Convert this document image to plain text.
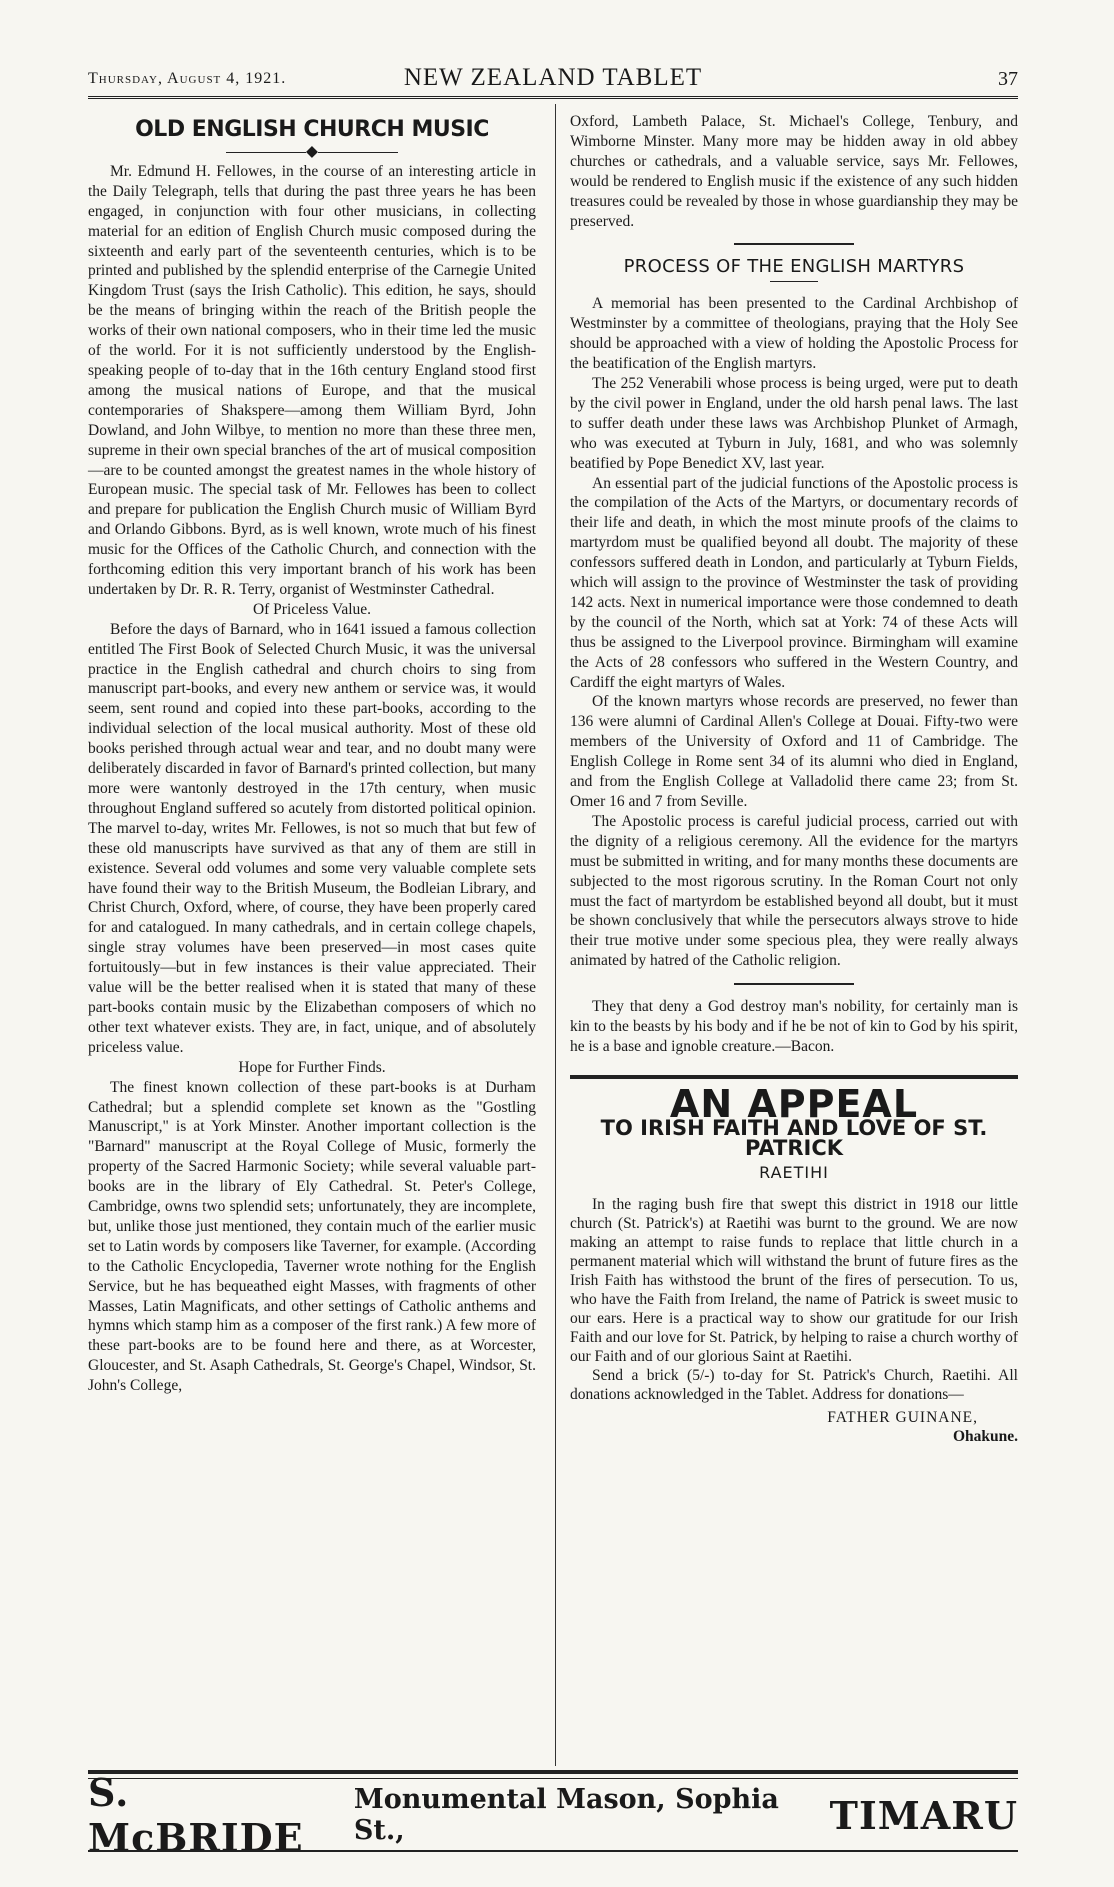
Thursday, August 4, 1921.	NEW ZEALAND TABLET	37
OLD ENGLISH CHURCH MUSIC
◆

Mr. Edmund H. Fellowes, in the course of an interesting article in the Daily Telegraph, tells that during the past three years he has been engaged, in conjunction with four other musicians, in collecting material for an edition of English Church music composed during the sixteenth and early part of the seventeenth centuries, which is to be printed and published by the splendid enterprise of the Carnegie United Kingdom Trust (says the Irish Catholic). This edition, he says, should be the means of bringing within the reach of the British people the works of their own national composers, who in their time led the music of the world. For it is not sufficiently understood by the English-speaking people of to-day that in the 16th century England stood first among the musical nations of Europe, and that the musical contemporaries of Shakspere—among them William Byrd, John Dowland, and John Wilbye, to mention no more than these three men, supreme in their own special branches of the art of musical composition—are to be counted amongst the greatest names in the whole history of European music. The special task of Mr. Fellowes has been to collect and prepare for publication the English Church music of William Byrd and Orlando Gibbons. Byrd, as is well known, wrote much of his finest music for the Offices of the Catholic Church, and connection with the forthcoming edition this very important branch of his work has been undertaken by Dr. R. R. Terry, organist of Westminster Cathedral.

Of Priceless Value.

Before the days of Barnard, who in 1641 issued a famous collection entitled The First Book of Selected Church Music, it was the universal practice in the English cathedral and church choirs to sing from manuscript part-books, and every new anthem or service was, it would seem, sent round and copied into these part-books, according to the individual selection of the local musical authority. Most of these old books perished through actual wear and tear, and no doubt many were deliberately discarded in favor of Barnard's printed collection, but many more were wantonly destroyed in the 17th century, when music throughout England suffered so acutely from distorted political opinion. The marvel to-day, writes Mr. Fellowes, is not so much that but few of these old manuscripts have survived as that any of them are still in existence. Several odd volumes and some very valuable complete sets have found their way to the British Museum, the Bodleian Library, and Christ Church, Oxford, where, of course, they have been properly cared for and catalogued. In many cathedrals, and in certain college chapels, single stray volumes have been preserved—in most cases quite fortuitously—but in few instances is their value appreciated. Their value will be the better realised when it is stated that many of these part-books contain music by the Elizabethan composers of which no other text whatever exists. They are, in fact, unique, and of absolutely priceless value.

Hope for Further Finds.

The finest known collection of these part-books is at Durham Cathedral; but a splendid complete set known as the "Gostling Manuscript," is at York Minster. Another important collection is the "Barnard" manuscript at the Royal College of Music, formerly the property of the Sacred Harmonic Society; while several valuable part-books are in the library of Ely Cathedral. St. Peter's College, Cambridge, owns two splendid sets; unfortunately, they are incomplete, but, unlike those just mentioned, they contain much of the earlier music set to Latin words by composers like Taverner, for example. (According to the Catholic Encyclopedia, Taverner wrote nothing for the English Service, but he has bequeathed eight Masses, with fragments of other Masses, Latin Magnificats, and other settings of Catholic anthems and hymns which stamp him as a composer of the first rank.) A few more of these part-books are to be found here and there, as at Worcester, Gloucester, and St. Asaph Cathedrals, St. George's Chapel, Windsor, St. John's College,

Oxford, Lambeth Palace, St. Michael's College, Tenbury, and Wimborne Minster. Many more may be hidden away in old abbey churches or cathedrals, and a valuable service, says Mr. Fellowes, would be rendered to English music if the existence of any such hidden treasures could be revealed by those in whose guardianship they may be preserved.

PROCESS OF THE ENGLISH MARTYRS

A memorial has been presented to the Cardinal Archbishop of Westminster by a committee of theologians, praying that the Holy See should be approached with a view of holding the Apostolic Process for the beatification of the English martyrs.

The 252 Venerabili whose process is being urged, were put to death by the civil power in England, under the old harsh penal laws. The last to suffer death under these laws was Archbishop Plunket of Armagh, who was executed at Tyburn in July, 1681, and who was solemnly beatified by Pope Benedict XV, last year.

An essential part of the judicial functions of the Apostolic process is the compilation of the Acts of the Martyrs, or documentary records of their life and death, in which the most minute proofs of the claims to martyrdom must be qualified beyond all doubt. The majority of these confessors suffered death in London, and particularly at Tyburn Fields, which will assign to the province of Westminster the task of providing 142 acts. Next in numerical importance were those condemned to death by the council of the North, which sat at York: 74 of these Acts will thus be assigned to the Liverpool province. Birmingham will examine the Acts of 28 confessors who suffered in the Western Country, and Cardiff the eight martyrs of Wales.

Of the known martyrs whose records are preserved, no fewer than 136 were alumni of Cardinal Allen's College at Douai. Fifty-two were members of the University of Oxford and 11 of Cambridge. The English College in Rome sent 34 of its alumni who died in England, and from the English College at Valladolid there came 23; from St. Omer 16 and 7 from Seville.

The Apostolic process is careful judicial process, carried out with the dignity of a religious ceremony. All the evidence for the martyrs must be submitted in writing, and for many months these documents are subjected to the most rigorous scrutiny. In the Roman Court not only must the fact of martyrdom be established beyond all doubt, but it must be shown conclusively that while the persecutors always strove to hide their true motive under some specious plea, they were really always animated by hatred of the Catholic religion.

They that deny a God destroy man's nobility, for certainly man is kin to the beasts by his body and if he be not of kin to God by his spirit, he is a base and ignoble creature.—Bacon.

AN APPEAL
TO IRISH FAITH AND LOVE OF ST. PATRICK
RAETIHI

In the raging bush fire that swept this district in 1918 our little church (St. Patrick's) at Raetihi was burnt to the ground. We are now making an attempt to raise funds to replace that little church in a permanent material which will withstand the brunt of future fires as the Irish Faith has withstood the brunt of the fires of persecution. To us, who have the Faith from Ireland, the name of Patrick is sweet music to our ears. Here is a practical way to show our gratitude for our Irish Faith and our love for St. Patrick, by helping to raise a church worthy of our Faith and of our glorious Saint at Raetihi.

Send a brick (5/-) to-day for St. Patrick's Church, Raetihi. All donations acknowledged in the Tablet. Address for donations—

FATHER GUINANE,
Ohakune.
S. McBRIDE
Monumental Mason, Sophia St.,	TIMARU
